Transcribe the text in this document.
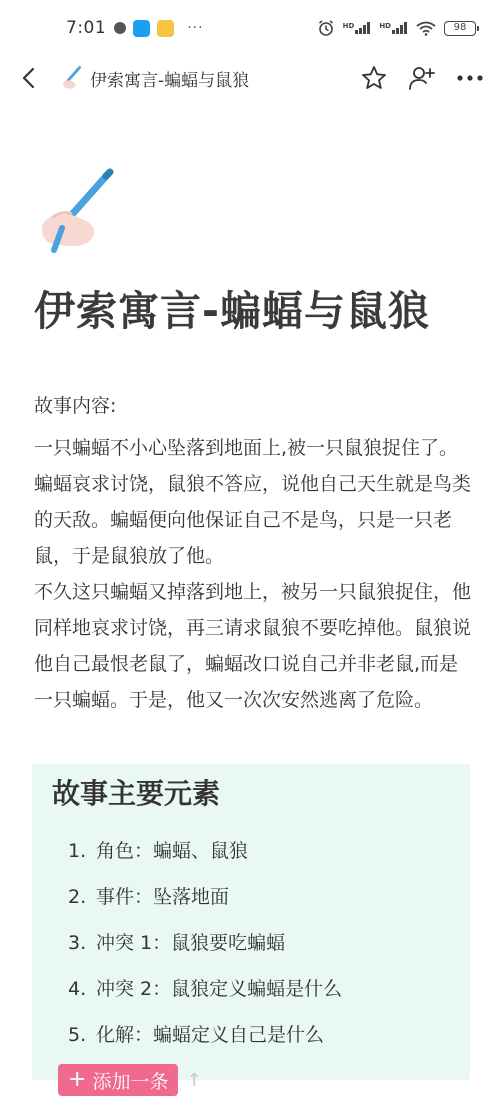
7:01	···	HD	HD	98
伊索寓言-蝙蝠与鼠狼
伊索寓言-蝙蝠与鼠狼

故事内容:

一只蝙蝠不小心坠落到地面上,被一只鼠狼捉住了。蝙蝠哀求讨饶，鼠狼不答应，说他自己天生就是鸟类的天敌。蝙蝠便向他保证自己不是鸟，只是一只老鼠，于是鼠狼放了他。

不久这只蝙蝠又掉落到地上，被另一只鼠狼捉住，他同样地哀求讨饶，再三请求鼠狼不要吃掉他。鼠狼说他自己最恨老鼠了，蝙蝠改口说自己并非老鼠,而是一只蝙蝠。于是，他又一次次安然逃离了危险。

故事主要元素
1. 角色：蝙蝠、鼠狼
2. 事件：坠落地面
3. 冲突 1：鼠狼要吃蝙蝠
4. 冲突 2：鼠狼定义蝙蝠是什么
5. 化解：蝙蝠定义自己是什么
+ 添加一条 ↑
